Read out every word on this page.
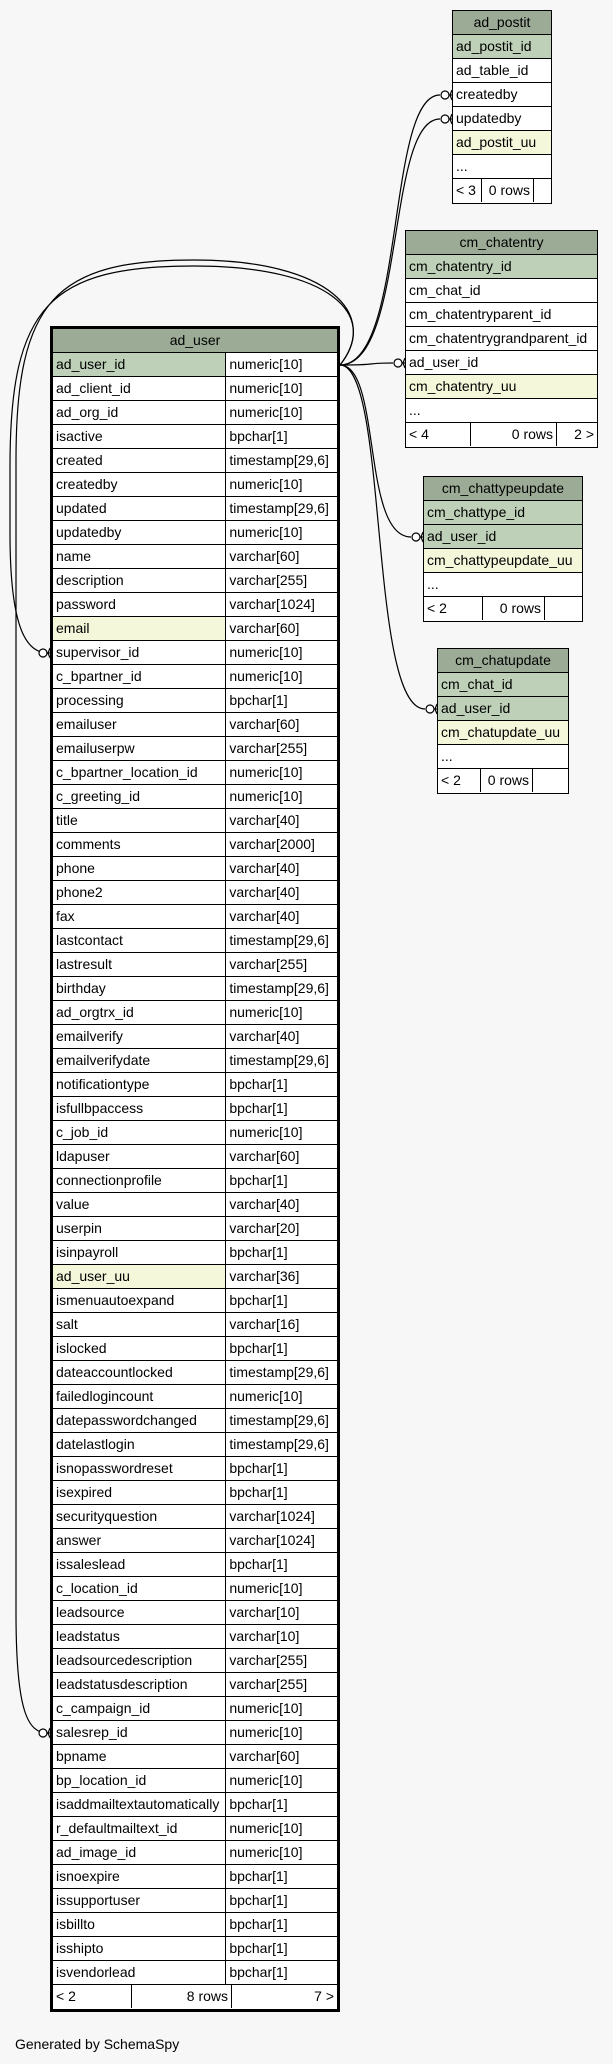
ad_user
ad_user_id	numeric[10]
ad_client_id	numeric[10]
ad_org_id	numeric[10]
isactive	bpchar[1]
created	timestamp[29,6]
createdby	numeric[10]
updated	timestamp[29,6]
updatedby	numeric[10]
name	varchar[60]
description	varchar[255]
password	varchar[1024]
email	varchar[60]
supervisor_id	numeric[10]
c_bpartner_id	numeric[10]
processing	bpchar[1]
emailuser	varchar[60]
emailuserpw	varchar[255]
c_bpartner_location_id	numeric[10]
c_greeting_id	numeric[10]
title	varchar[40]
comments	varchar[2000]
phone	varchar[40]
phone2	varchar[40]
fax	varchar[40]
lastcontact	timestamp[29,6]
lastresult	varchar[255]
birthday	timestamp[29,6]
ad_orgtrx_id	numeric[10]
emailverify	varchar[40]
emailverifydate	timestamp[29,6]
notificationtype	bpchar[1]
isfullbpaccess	bpchar[1]
c_job_id	numeric[10]
ldapuser	varchar[60]
connectionprofile	bpchar[1]
value	varchar[40]
userpin	varchar[20]
isinpayroll	bpchar[1]
ad_user_uu	varchar[36]
ismenuautoexpand	bpchar[1]
salt	varchar[16]
islocked	bpchar[1]
dateaccountlocked	timestamp[29,6]
failedlogincount	numeric[10]
datepasswordchanged	timestamp[29,6]
datelastlogin	timestamp[29,6]
isnopasswordreset	bpchar[1]
isexpired	bpchar[1]
securityquestion	varchar[1024]
answer	varchar[1024]
issaleslead	bpchar[1]
c_location_id	numeric[10]
leadsource	varchar[10]
leadstatus	varchar[10]
leadsourcedescription	varchar[255]
leadstatusdescription	varchar[255]
c_campaign_id	numeric[10]
salesrep_id	numeric[10]
bpname	varchar[60]
bp_location_id	numeric[10]
isaddmailtextautomatically bpchar[1]
r_defaultmailtext_id	numeric[10]
ad_image_id	numeric[10]
isnoexpire	bpchar[1]
issupportuser	bpchar[1]
isbillto	bpchar[1]
isshipto	bpchar[1]
isvendorlead	bpchar[1]
< 2	8 rows	7 >
ad_postit
ad_postit_id
ad_table_id
createdby
updatedby
ad_postit_uu
...
< 3 0 rows
cm_chatentry
cm_chatentry_id
cm_chat_id
cm_chatentryparent_id
cm_chatentrygrandparent_id
ad_user_id
cm_chatentry_uu
...
< 4	0 rows	2 >
cm_chattypeupdate
cm_chattype_id
ad_user_id
cm_chattypeupdate_uu
...
< 2	0 rows
cm_chatupdate
cm_chat_id
ad_user_id
cm_chatupdate_uu
...
< 2	0 rows
Generated by SchemaSpy
